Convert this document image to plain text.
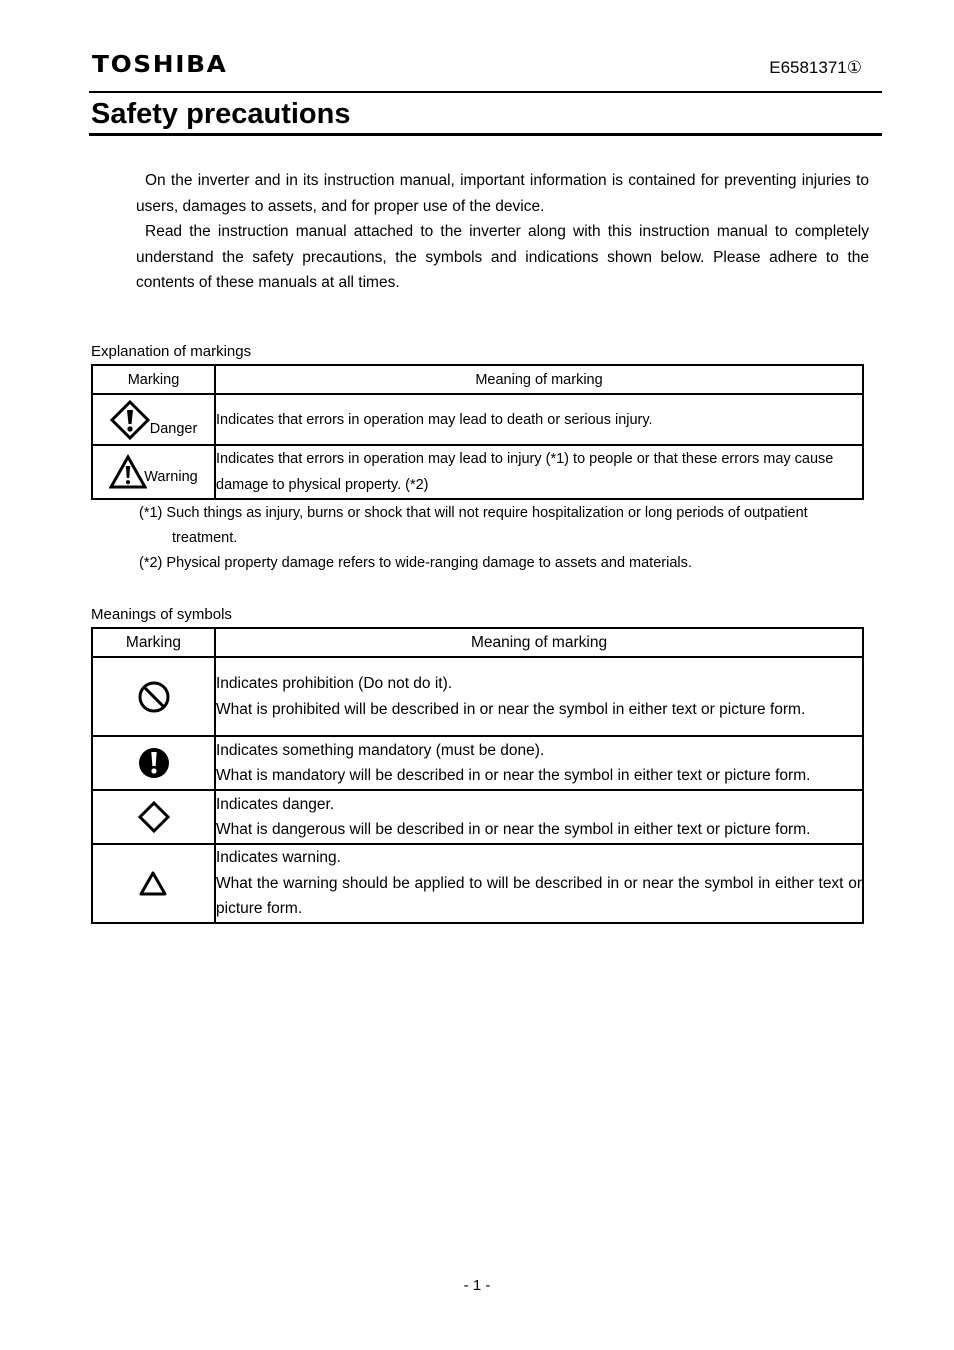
TOSHIBA	E6581371①
Safety precautions

On the inverter and in its instruction manual, important information is contained for preventing injuries to users, damages to assets, and for proper use of the device.

Read the instruction manual attached to the inverter along with this instruction manual to completely understand the safety precautions, the symbols and indications shown below. Please adhere to the contents of these manuals at all times.

Explanation of markings
Marking	Meaning of marking

Danger	Indicates that errors in operation may lead to death or serious injury.

Warning	Indicates that errors in operation may lead to injury (*1) to people or that these errors may cause damage to physical property. (*2)
(*1) Such things as injury, burns or shock that will not require hospitalization or long periods of outpatient treatment.
(*2) Physical property damage refers to wide-ranging damage to assets and materials.
Meanings of symbols
Marking	Meaning of marking

Indicates prohibition (Do not do it).
What is prohibited will be described in or near the symbol in either text or picture form.

Indicates something mandatory (must be done).
What is mandatory will be described in or near the symbol in either text or picture form.

Indicates danger.
What is dangerous will be described in or near the symbol in either text or picture form.

Indicates warning.
What the warning should be applied to will be described in or near the symbol in either text or picture form.
- 1 -
